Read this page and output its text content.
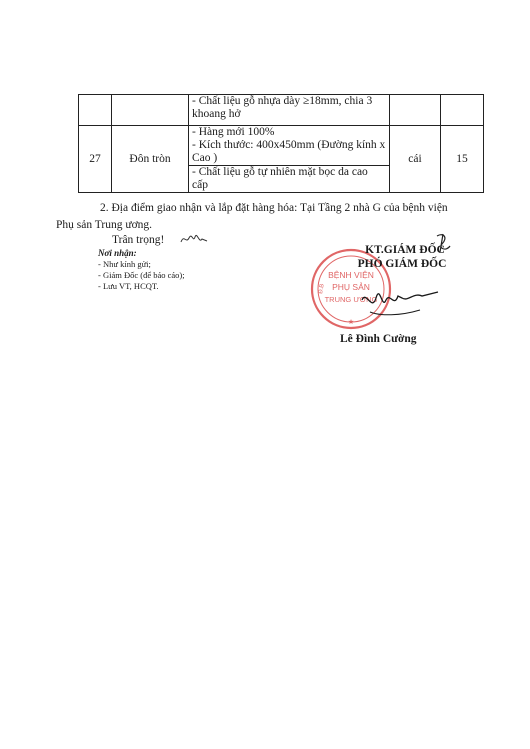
		- Chất liệu gỗ nhựa dày ≥18mm, chia 3 khoang hở		

27	Đôn tròn	- Hàng mới 100%
- Kích thước: 400x450mm (Đường kính x Cao )
- Chất liệu gỗ tự nhiên mặt bọc da cao cấp	cái	15
2. Địa điểm giao nhận và lắp đặt hàng hóa: Tại Tầng 2 nhà G của bệnh viện
Phụ sản Trung ương.
Trân trọng!
Nơi nhận:
- Như kính gửi;
- Giám Đốc (để báo cáo);
- Lưu VT, HCQT.
BỆNH VIỆN
PHỤ SẢN
TRUNG ƯƠNG
Đ.B
★
KT.GIÁM ĐỐC
PHÓ GIÁM ĐỐC
Lê Đình Cường
